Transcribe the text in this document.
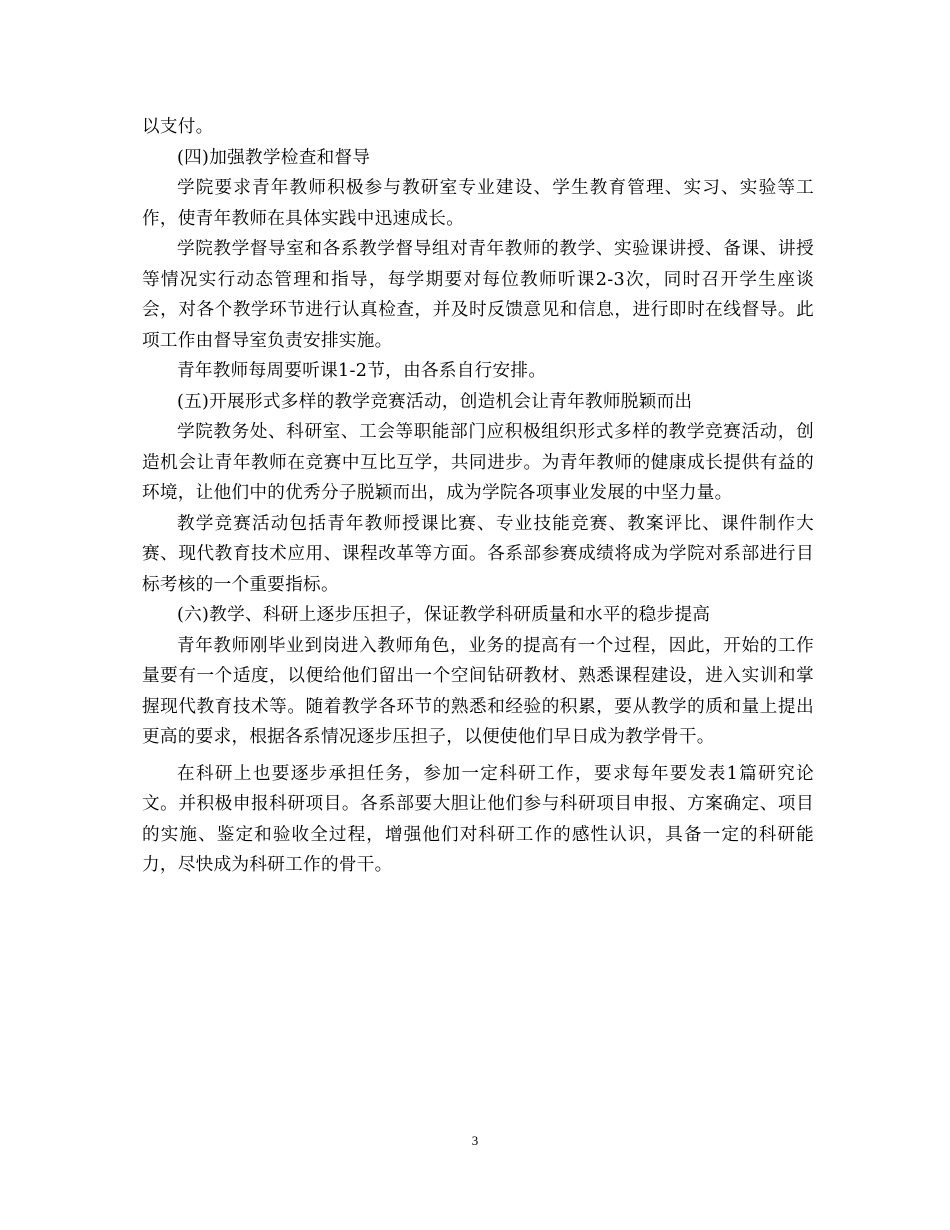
以支付。

(四)加强教学检查和督导

学院要求青年教师积极参与教研室专业建设、学生教育管理、实习、实验等工作，使青年教师在具体实践中迅速成长。

学院教学督导室和各系教学督导组对青年教师的教学、实验课讲授、备课、讲授等情况实行动态管理和指导，每学期要对每位教师听课2-3次，同时召开学生座谈会，对各个教学环节进行认真检查，并及时反馈意见和信息，进行即时在线督导。此项工作由督导室负责安排实施。

青年教师每周要听课1-2节，由各系自行安排。

(五)开展形式多样的教学竞赛活动，创造机会让青年教师脱颖而出

学院教务处、科研室、工会等职能部门应积极组织形式多样的教学竞赛活动，创造机会让青年教师在竞赛中互比互学，共同进步。为青年教师的健康成长提供有益的环境，让他们中的优秀分子脱颖而出，成为学院各项事业发展的中坚力量。

教学竞赛活动包括青年教师授课比赛、专业技能竞赛、教案评比、课件制作大赛、现代教育技术应用、课程改革等方面。各系部参赛成绩将成为学院对系部进行目标考核的一个重要指标。

(六)教学、科研上逐步压担子，保证教学科研质量和水平的稳步提高

青年教师刚毕业到岗进入教师角色，业务的提高有一个过程，因此，开始的工作量要有一个适度，以便给他们留出一个空间钻研教材、熟悉课程建设，进入实训和掌握现代教育技术等。随着教学各环节的熟悉和经验的积累，要从教学的质和量上提出更高的要求，根据各系情况逐步压担子，以便使他们早日成为教学骨干。

在科研上也要逐步承担任务，参加一定科研工作，要求每年要发表1篇研究论文。并积极申报科研项目。各系部要大胆让他们参与科研项目申报、方案确定、项目的实施、鉴定和验收全过程，增强他们对科研工作的感性认识，具备一定的科研能力，尽快成为科研工作的骨干。

3
